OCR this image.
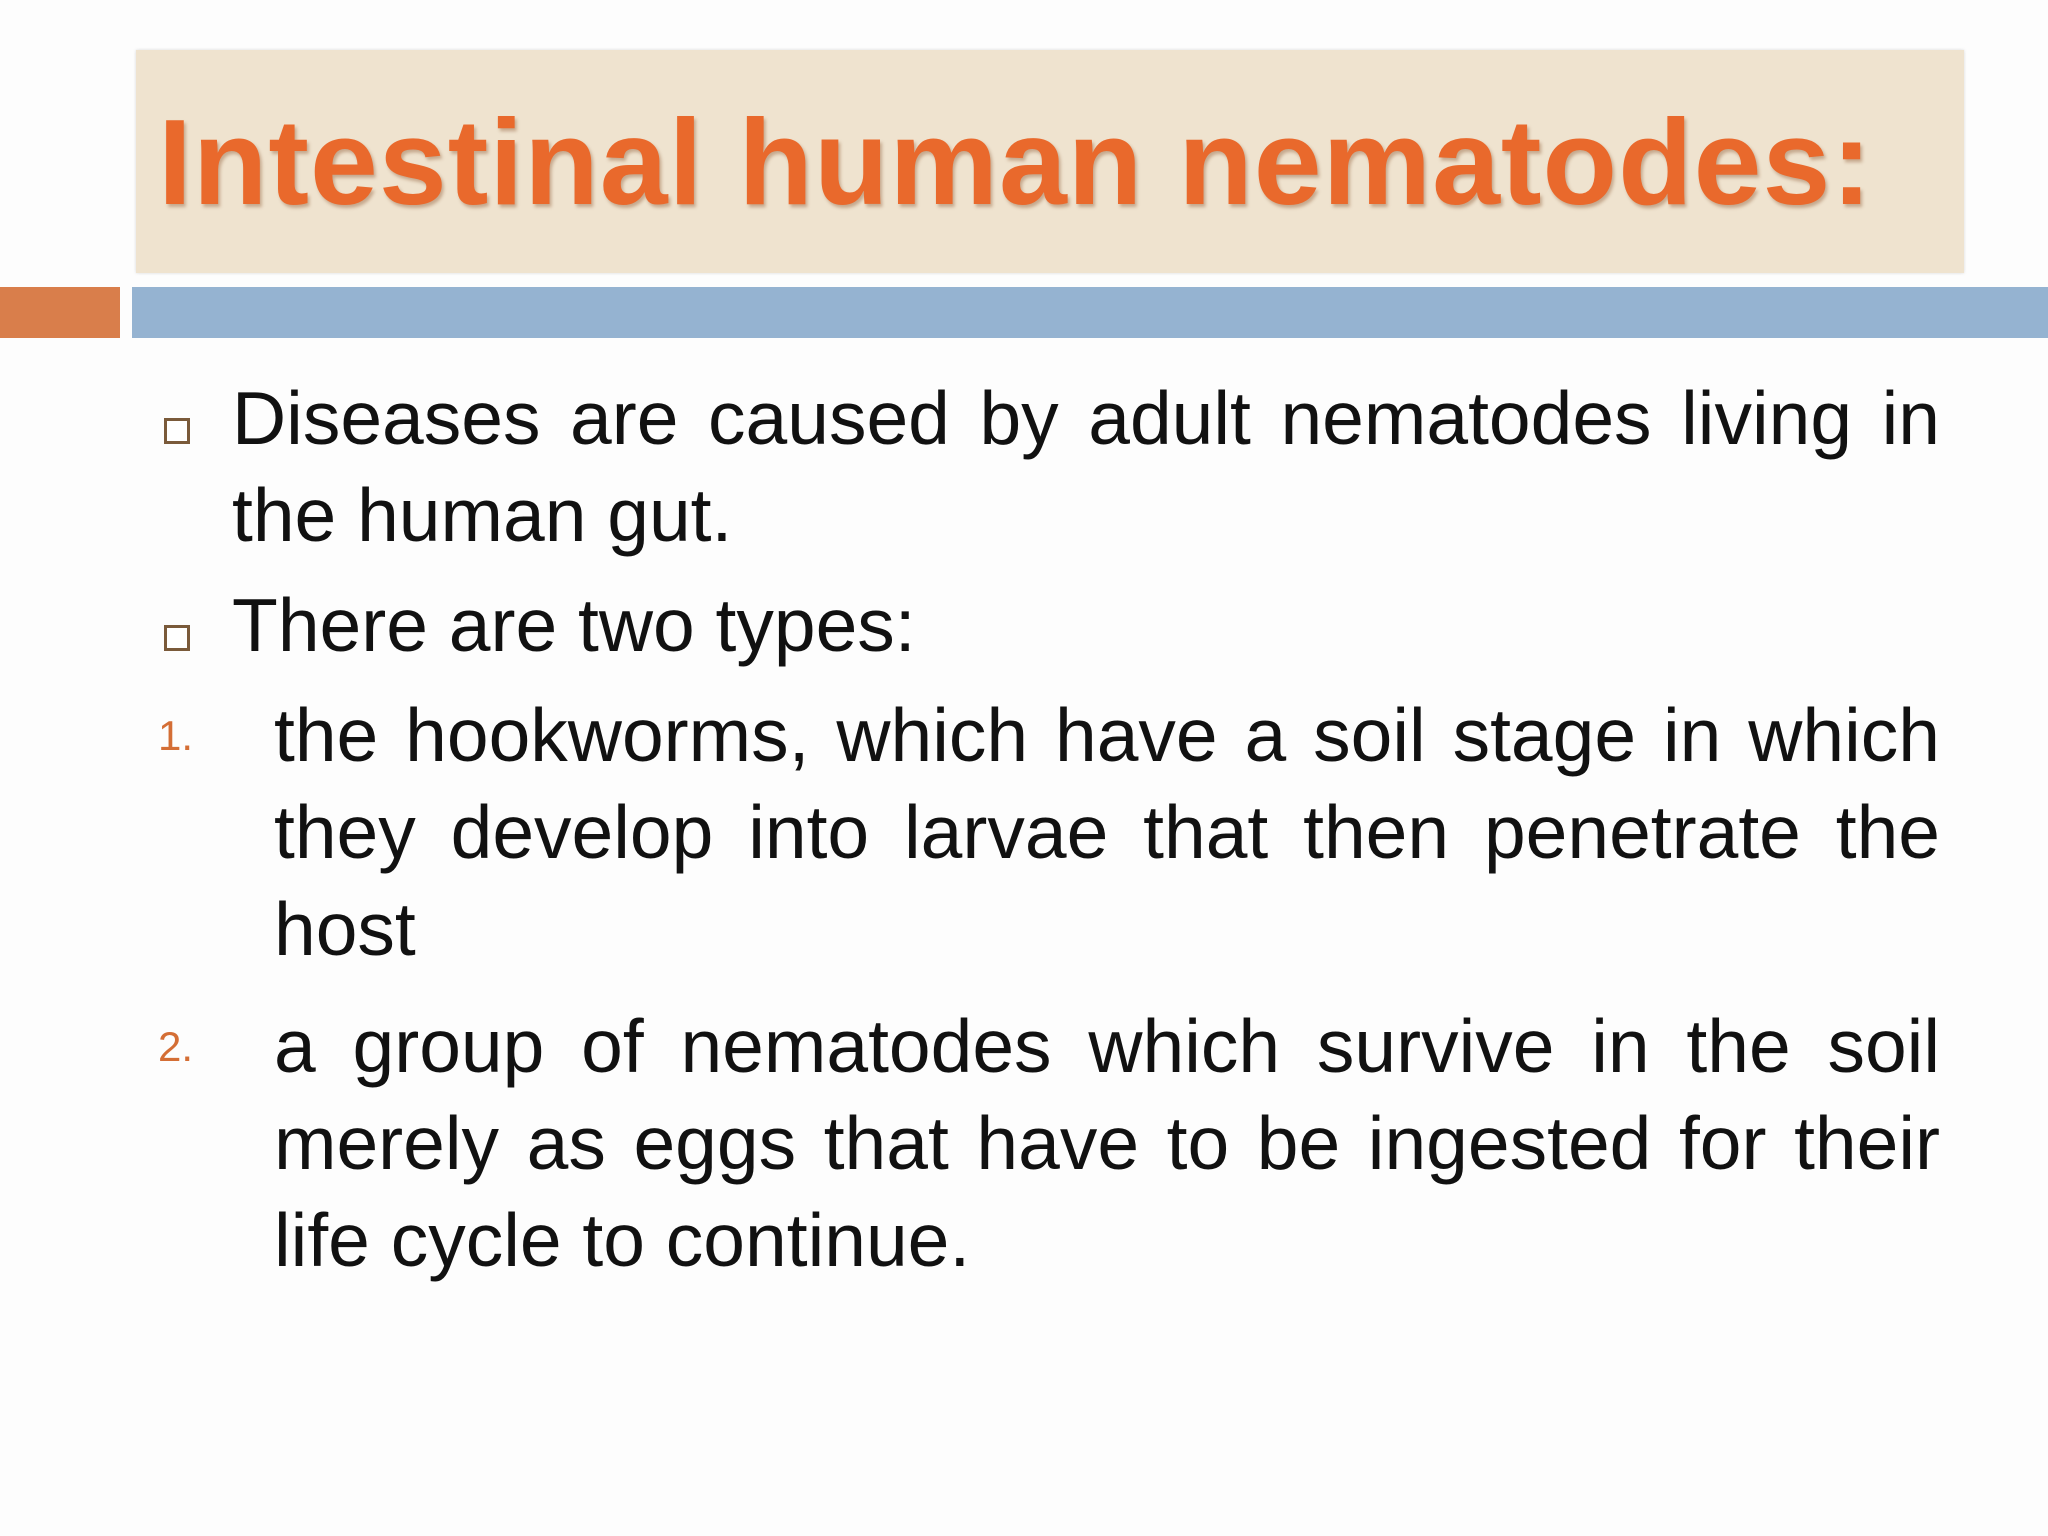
Intestinal human nematodes:
Diseases are caused by adult nematodes living in the human gut.
There are two types:
1. the hookworms, which have a soil stage in which they develop into larvae that then penetrate the host
2. a group of nematodes which survive in the soil merely as eggs that have to be ingested for their life cycle to continue.
